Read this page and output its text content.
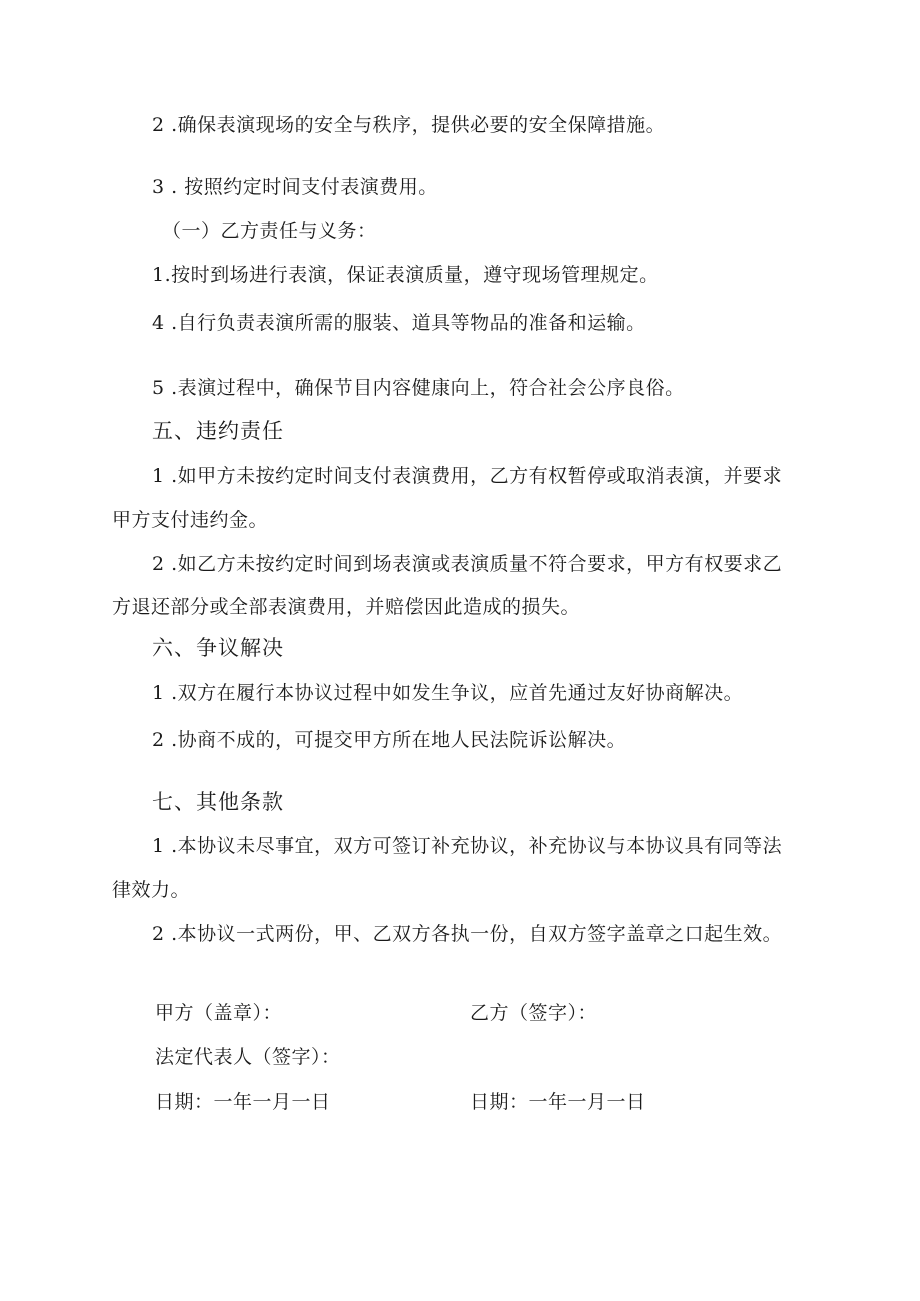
2 .确保表演现场的安全与秩序，提供必要的安全保障措施。
3 . 按照约定时间支付表演费用。
（一）乙方责任与义务：
1.按时到场进行表演，保证表演质量，遵守现场管理规定。
4 .自行负责表演所需的服装、道具等物品的准备和运输。
5 .表演过程中，确保节目内容健康向上，符合社会公序良俗。
五、违约责任
1 .如甲方未按约定时间支付表演费用，乙方有权暂停或取消表演，并要求
甲方支付违约金。
2 .如乙方未按约定时间到场表演或表演质量不符合要求，甲方有权要求乙
方退还部分或全部表演费用，并赔偿因此造成的损失。
六、争议解决
1 .双方在履行本协议过程中如发生争议，应首先通过友好协商解决。
2 .协商不成的，可提交甲方所在地人民法院诉讼解决。
七、其他条款
1 .本协议未尽事宜，双方可签订补充协议，补充协议与本协议具有同等法
律效力。
2 .本协议一式两份，甲、乙双方各执一份，自双方签字盖章之口起生效。
甲方（盖章）：	乙方（签字）：
法定代表人（签字）：
日期：一年一月一日	日期：一年一月一日
